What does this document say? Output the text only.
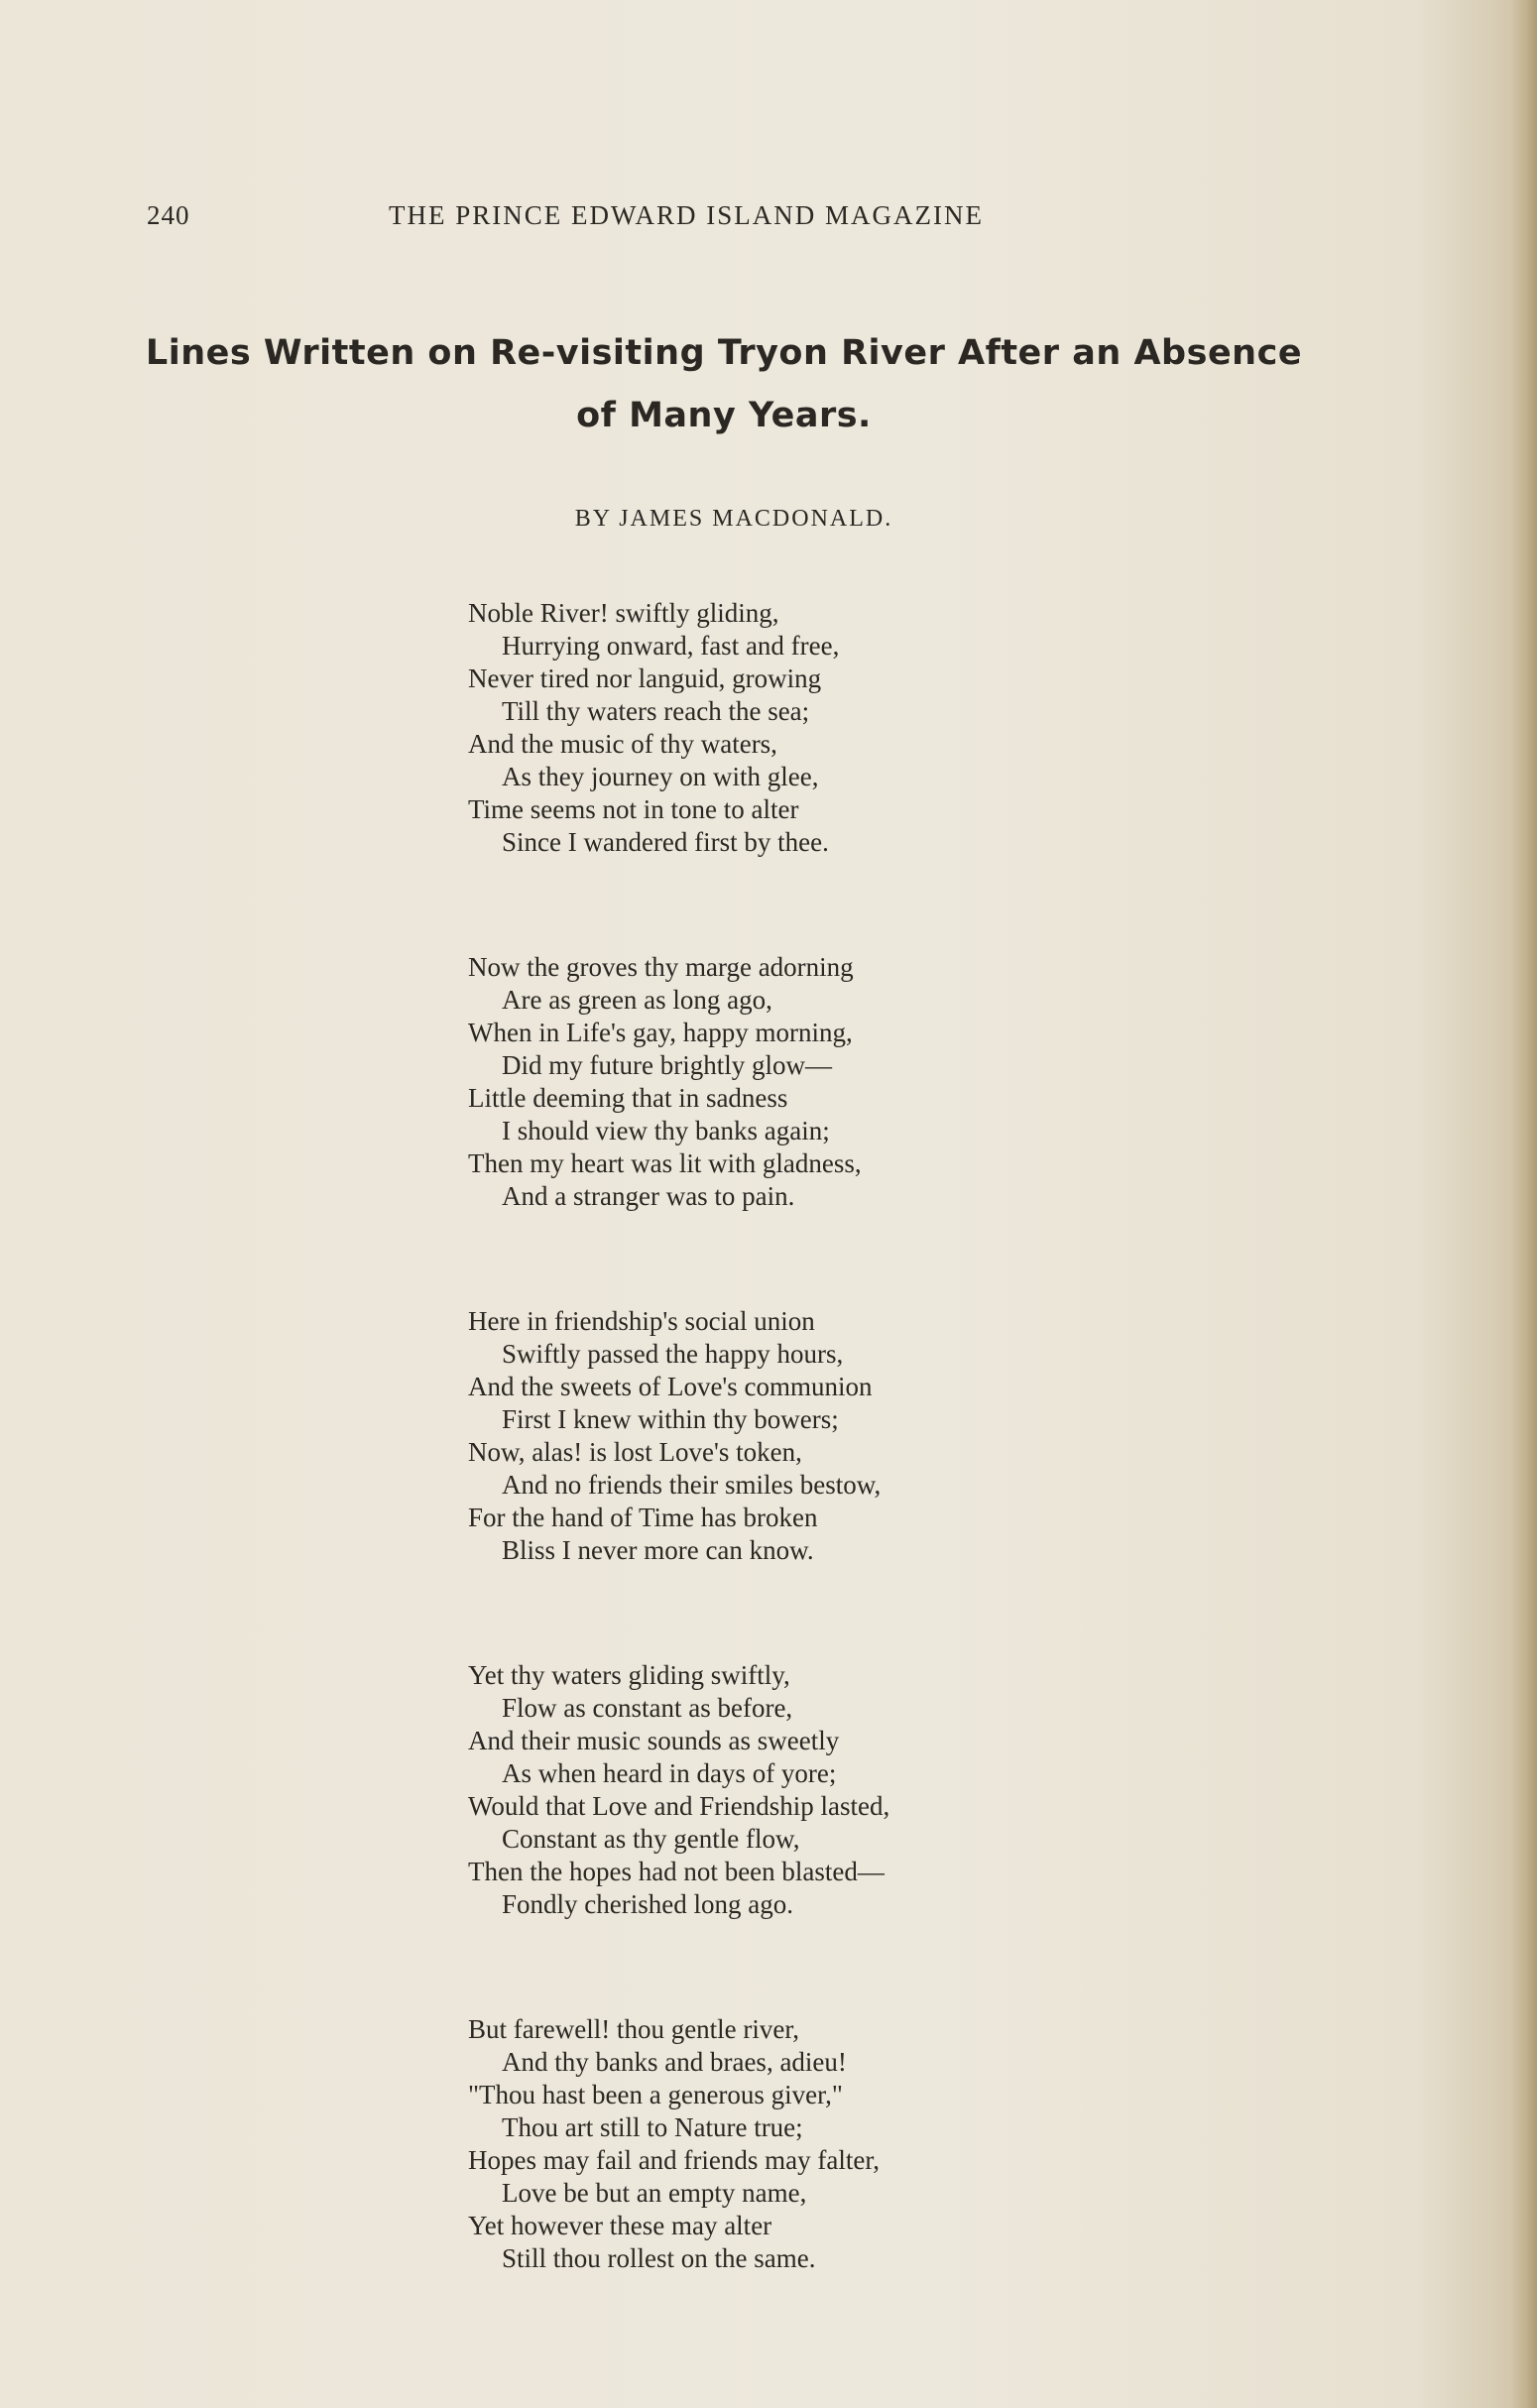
240	THE PRINCE EDWARD ISLAND MAGAZINE
Lines Written on Re-visiting Tryon River After an Absence
of Many Years.
BY JAMES MACDONALD.
Noble River! swiftly gliding,
Hurrying onward, fast and free,
Never tired nor languid, growing
Till thy waters reach the sea;
And the music of thy waters,
As they journey on with glee,
Time seems not in tone to alter
Since I wandered first by thee.
Now the groves thy marge adorning
Are as green as long ago,
When in Life's gay, happy morning,
Did my future brightly glow—
Little deeming that in sadness
I should view thy banks again;
Then my heart was lit with gladness,
And a stranger was to pain.
Here in friendship's social union
Swiftly passed the happy hours,
And the sweets of Love's communion
First I knew within thy bowers;
Now, alas! is lost Love's token,
And no friends their smiles bestow,
For the hand of Time has broken
Bliss I never more can know.
Yet thy waters gliding swiftly,
Flow as constant as before,
And their music sounds as sweetly
As when heard in days of yore;
Would that Love and Friendship lasted,
Constant as thy gentle flow,
Then the hopes had not been blasted—
Fondly cherished long ago.
But farewell! thou gentle river,
And thy banks and braes, adieu!
"Thou hast been a generous giver,"
Thou art still to Nature true;
Hopes may fail and friends may falter,
Love be but an empty name,
Yet however these may alter
Still thou rollest on the same.
